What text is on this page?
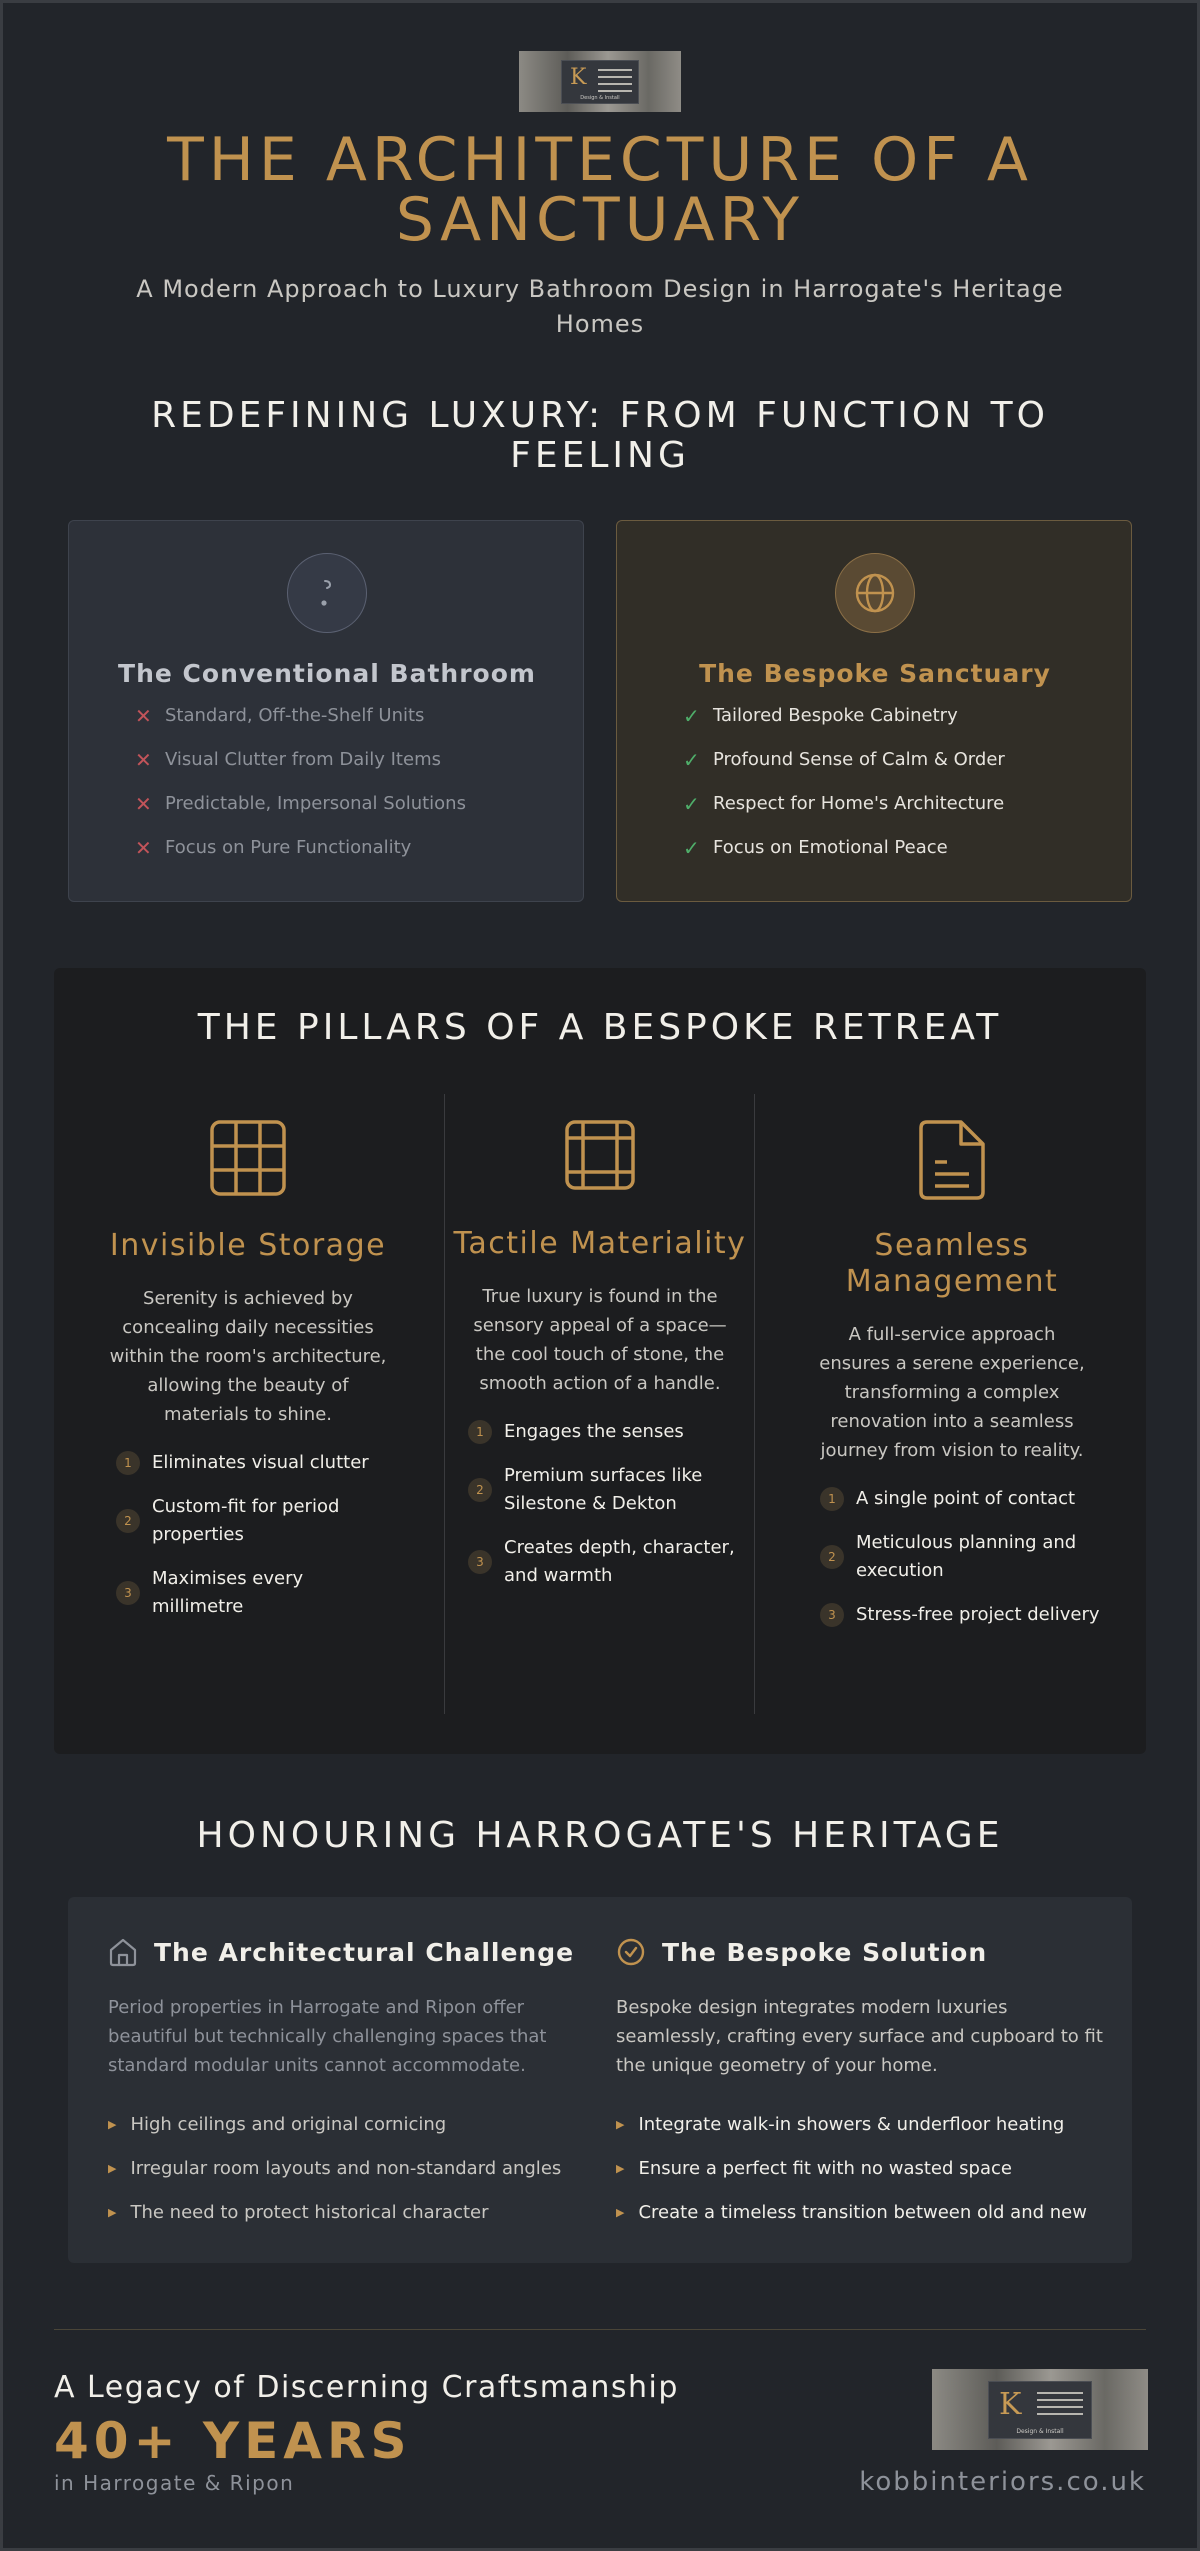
K
Design & Install
THE ARCHITECTURE OF A SANCTUARY

A Modern Approach to Luxury Bathroom Design in Harrogate's Heritage Homes

REDEFINING LUXURY: FROM FUNCTION TO FEELING
The Conventional Bathroom
✕ Standard, Off-the-Shelf Units
✕ Visual Clutter from Daily Items
✕ Predictable, Impersonal Solutions
✕ Focus on Pure Functionality
The Bespoke Sanctuary
✓ Tailored Bespoke Cabinetry
✓ Profound Sense of Calm & Order
✓ Respect for Home's Architecture
✓ Focus on Emotional Peace
THE PILLARS OF A BESPOKE RETREAT
Invisible Storage
Serenity is achieved by concealing daily necessities within the room's architecture, allowing the beauty of materials to shine.
1	Eliminates visual clutter
2
Custom-fit for period properties
3
Maximises every millimetre
Tactile Materiality
True luxury is found in the sensory appeal of a space—the cool touch of stone, the smooth action of a handle.
1	Engages the senses
2
Premium surfaces like Silestone & Dekton
3
Creates depth, character, and warmth
Seamless Management
A full-service approach ensures a serene experience, transforming a complex renovation into a seamless journey from vision to reality.
1	A single point of contact
2
Meticulous planning and execution
3	Stress-free project delivery
HONOURING HARROGATE'S HERITAGE
The Architectural Challenge

Period properties in Harrogate and Ripon offer beautiful but technically challenging spaces that standard modular units cannot accommodate.

▶ High ceilings and original cornicing
▶ Irregular room layouts and non-standard angles
▶ The need to protect historical character
The Bespoke Solution

Bespoke design integrates modern luxuries seamlessly, crafting every surface and cupboard to fit the unique geometry of your home.

▶ Integrate walk-in showers & underfloor heating
▶ Ensure a perfect fit with no wasted space
▶ Create a timeless transition between old and new
A Legacy of Discerning Craftsmanship
40+ YEARS
in Harrogate & Ripon
K
Design & Install
kobbinteriors.co.uk
